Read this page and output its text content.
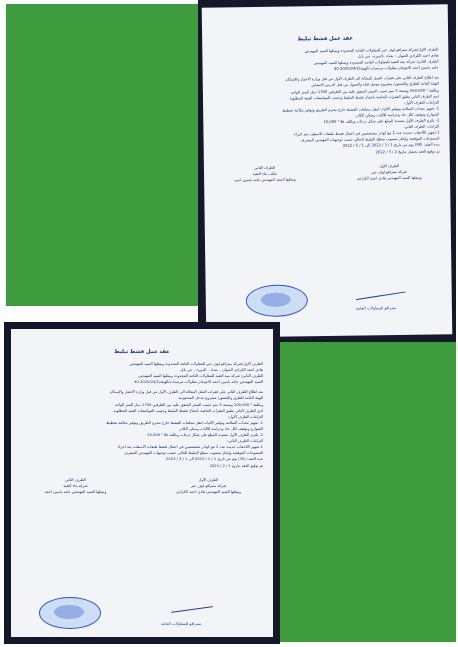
عقد عمل فشط تبليط
الطرف الاول/شركة سترافو لوف خير للمقاولات العامة المحدودة ويمثلها السيد المهندس
هادي احمد الكرادي العنوان – بغداد –الدورة– حي بابل
الطرف الثاني/ شركة بنية التفيذ للمقاولات العامة المحدودة ويمثلها السيد المهندس
حامد ياسين احمد الاعوجان مقاولات-مرصدات/الهيئة/2025/24/2-40
بعد اطلاع الطرف الثاني على فقرات العمل المحالة الى الطرف الأول من قبل وزارة الاعمار والإسكان
الهيئة العامة للطرق والجسور/ مشروع موصل قناة والعمول من قبل الدرس الانشاني
وبكلفة ² 560,000 وبسعة 5 سم حسب السعر المتفق عليه بين الطرفين 1300 دينار للمتر الواحد
لدى الطرف الثاني يطبق الفقرات الخاصة باعمال فشط التبليط وحسب المواصفات الفنية المطلوبة
التزامات الطرف الأول:
1- تجهيز معدات السلامة وتوفير الاليات لنقل مخلفات القشط خارج محرم الطريق وتوفير مكائنة تخطيط
الشوارع وتوقيف لكل حاد وحراسة للآليات وسكن الكادر
2- يلتزم الطرف الأول بتسديد المبلغ على شكل ذرعات وبكلف قلا ² 15,000
التزامات الطرف الثاني:
1-تجهيز اللاحقات جديدة عدد 2 مع كوادر متخصصين في اعمال قشط طبقات الاسفلت بعد اجراء
المسوحات الموقعية وإنجاز منسوب سطح التبليط الحالي حسب توجيهات المهندس المشرف
مدة العقد: (90) يوم من تاريخ 1 / 3 / 2022 الى 1 / 5 / 2022
تم توقيع العقد بحضار بتاريخ 2 / 3 / 2022
الطرف الأول
شركة سترافو لوف خير
ويمثلها السيد المهندس هادي احمد الكرادي
الطرف الثاني
مكتب بناء التفيذ
ويمثلها السيد المهندس حامد ياسين احمد
سترافو للمقاولات العامة
عقد عمل فشط تبليط
الطرف الاول/شركة سترافو لوف خير للمقاولات العامة المحدودة ويمثلها السيد المهندس
هادي احمد الكرادي العنوان – بغداد – الدورة – حي بابل
الطرف الثاني/ شركة بنية التفيذ للمقاولات العامة المحدودة ويمثلها السيد المهندس
السيد المهندس حامد ياسين احمد الاعوجان مقاولات-مرصدات/الهيئة/2025/24/1-40
بعد اطلاع الطرف الثاني على فقرات العمل المحالة الى الطرف الأول من قبل وزارة الاعمار والإسكان
الهيئة العامة للطرق والجسور/ مشروع مدخل المحمودية
وبكلفة ² 200,000 وبسعة 5 سم حسب السعر المتفق عليه بين الطرفين 1750 دينار للمتر الواحد
لدى الطرف الثاني يطبق الفقرات الخاصة باعمال فشط التبليط وحسب المواصفات الفنية المطلوبة
التزامات الطرف الأول:
1- تجهيز معدات السلامة وتوفير الاليات لنقل مخلفات القشط خارج محرم الطريق وتوفير مكائنة تخطيط
الشوارع وتوقيف لكل حاد وحراسة للآليات وسكن الكادر
2- يلتزم الطرف الأول بتسديد المبلغ على شكل ذرعات وبكلف قلا ² 15,000
التزامات الطرف الثاني:
1-تجهيز اللاحقات جديدة عدد 2 مع كوادر متخصصين في اعمال قشط طبقات الاسفلت بعد اجراء
المسوحات الموقعية وإنجاز منسوب سطح التبليط الحالي حسب توجيهات المهندس المشرف
مدة العقد: (30) يوم من تاريخ 1 / 2 / 2023 الى 1 / 3 / 2023
تم توقيع العقد بتاريخ 1 / 2 / 2023
الطرف الأول
شركة سترافو لوف خير
ويمثلها السيد المهندس هادي احمد الكرادي
الطرف الثاني
شركة بناء التفيذ
ويمثلها السيد المهندس حامد ياسين احمد
سترافو للمقاولات العامة
